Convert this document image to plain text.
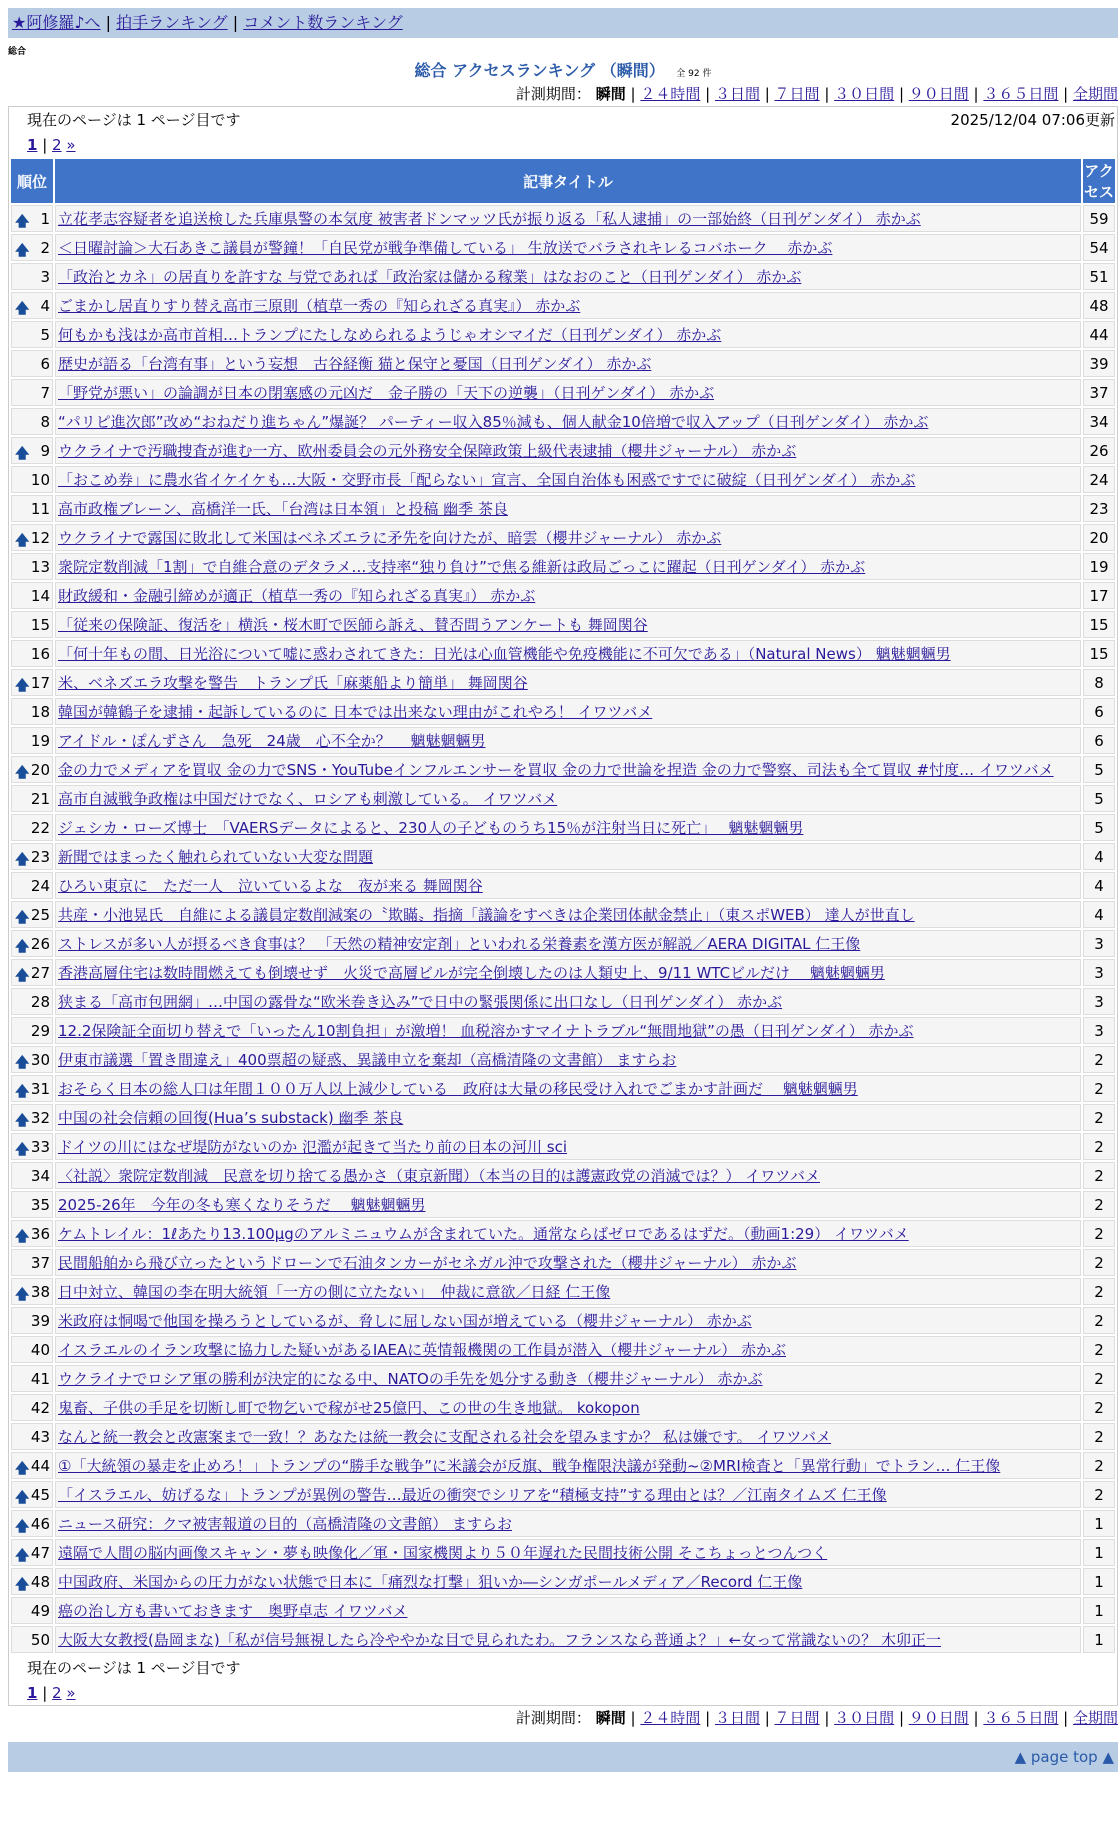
★阿修羅♪へ | 拍手ランキング | コメント数ランキング
総合
総合 アクセスランキング （瞬間） 全 92 件
計測期間： 瞬間 | ２４時間 | ３日間 | ７日間 | ３０日間 | ９０日間 | ３６５日間 | 全期間
現在のページは 1 ページ目です	2025/12/04 07:06更新
1 | 2 »
順位	記事タイトル	アクセス

🡅 1	立花孝志容疑者を追送検した兵庫県警の本気度 被害者ドンマッツ氏が振り返る「私人逮捕」の一部始終（日刊ゲンダイ） 赤かぶ	59

🡅 2	＜日曜討論＞大石あきこ議員が警鐘！「自民党が戦争準備している」 生放送でバラされキレるコバホーク　 赤かぶ	54
3	「政治とカネ」の居直りを許すな 与党であれば「政治家は儲かる稼業」はなおのこと（日刊ゲンダイ） 赤かぶ	51

🡅 4	ごまかし居直りすり替え高市三原則（植草一秀の『知られざる真実』） 赤かぶ	48
5	何もかも浅はか高市首相…トランプにたしなめられるようじゃオシマイだ（日刊ゲンダイ） 赤かぶ	44
6	歴史が語る「台湾有事」という妄想　古谷経衡 猫と保守と憂国（日刊ゲンダイ） 赤かぶ	39
7	「野党が悪い」の論調が日本の閉塞感の元凶だ　金子勝の「天下の逆襲」（日刊ゲンダイ） 赤かぶ	37
8	“パリピ進次郎”改め“おねだり進ちゃん”爆誕？ パーティー収入85％減も、個人献金10倍増で収入アップ（日刊ゲンダイ） 赤かぶ	34

🡅 9	ウクライナで汚職捜査が進む一方、欧州委員会の元外務安全保障政策上級代表逮捕（櫻井ジャーナル） 赤かぶ	26
10	「おこめ券」に農水省イケイケも…大阪・交野市長「配らない」宣言、全国自治体も困惑ですでに破綻（日刊ゲンダイ） 赤かぶ	24
11	高市政権ブレーン、高橋洋一氏、「台湾は日本領」と投稿 幽季 茶良	23

🡅 12	ウクライナで露国に敗北して米国はベネズエラに矛先を向けたが、暗雲（櫻井ジャーナル） 赤かぶ	20
13	衆院定数削減「1割」で自維合意のデタラメ…支持率“独り負け”で焦る維新は政局ごっこに躍起（日刊ゲンダイ） 赤かぶ	19
14	財政緩和・金融引締めが適正（植草一秀の『知られざる真実』） 赤かぶ	17
15	「従来の保険証、復活を」横浜・桜木町で医師ら訴え、賛否問うアンケートも 舞岡関谷	15
16	「何十年もの間、日光浴について嘘に惑わされてきた：日光は心血管機能や免疫機能に不可欠である」（Natural News） 魑魅魍魎男	15

🡅 17	米、ベネズエラ攻撃を警告　トランプ氏「麻薬船より簡単」 舞岡関谷	8
18	韓国が韓鶴子を逮捕・起訴しているのに 日本では出来ない理由がこれやろ！ イワツバメ	6
19	アイドル・ぽんずさん　急死　24歳　心不全か？　 魑魅魍魎男	6

🡅 20	金の力でメディアを買収 金の力でSNS・YouTubeインフルエンサーを買収 金の力で世論を捏造 金の力で警察、司法も全て買収 #忖度… イワツバメ	5
21	高市自滅戦争政権は中国だけでなく、ロシアも刺激している。 イワツバメ	5
22	ジェシカ・ローズ博士　「VAERSデータによると、230人の子どものうち15％が注射当日に死亡」　 魑魅魍魎男	5

🡅 23	新聞ではまったく触れられていない大変な問題	4
24	ひろい東京に　ただ一人　泣いているよな　夜が来る 舞岡関谷	4

🡅 25	共産・小池晃氏　自維による議員定数削減案の〝欺瞞〟指摘「議論をすべきは企業団体献金禁止」（東スポWEB） 達人が世直し	4

🡅 26	ストレスが多い人が摂るべき食事は？ 「天然の精神安定剤」といわれる栄養素を漢方医が解説／AERA DIGITAL 仁王像	3

🡅 27	香港高層住宅は数時間燃えても倒壊せず　火災で高層ビルが完全倒壊したのは人類史上、9/11 WTCビルだけ　 魑魅魍魎男	3
28	狭まる「高市包囲網」…中国の露骨な“欧米巻き込み”で日中の緊張関係に出口なし（日刊ゲンダイ） 赤かぶ	3
29	12.2保険証全面切り替えで「いったん10割負担」が激増！ 血税溶かすマイナトラブル“無間地獄”の愚（日刊ゲンダイ） 赤かぶ	3

🡅 30	伊東市議選「置き間違え」400票超の疑惑、異議申立を棄却（高橋清隆の文書館） ますらお	2

🡅 31	おそらく日本の総人口は年間１００万人以上減少している　政府は大量の移民受け入れでごまかす計画だ　 魑魅魍魎男	2

🡅 32	中国の社会信頼の回復(Hua’s substack) 幽季 茶良	2

🡅 33	ドイツの川にはなぜ堤防がないのか 氾濫が起きて当たり前の日本の河川 sci	2
34	〈社説〉衆院定数削減　民意を切り捨てる愚かさ（東京新聞）（本当の目的は護憲政党の消滅では？） イワツバメ	2
35	2025-26年　今年の冬も寒くなりそうだ　 魑魅魍魎男	2

🡅 36	ケムトレイル：1ℓあたり13.100μgのアルミニュウムが含まれていた。通常ならばゼロであるはずだ。（動画1:29） イワツバメ	2
37	民間船舶から飛び立ったというドローンで石油タンカーがセネガル沖で攻撃された（櫻井ジャーナル） 赤かぶ	2

🡅 38	日中対立、韓国の李在明大統領「一方の側に立たない」　仲裁に意欲／日経 仁王像	2
39	米政府は恫喝で他国を操ろうとしているが、脅しに屈しない国が増えている（櫻井ジャーナル） 赤かぶ	2
40	イスラエルのイラン攻撃に協力した疑いがあるIAEAに英情報機関の工作員が潜入（櫻井ジャーナル） 赤かぶ	2
41	ウクライナでロシア軍の勝利が決定的になる中、NATOの手先を処分する動き（櫻井ジャーナル） 赤かぶ	2
42	鬼畜、子供の手足を切断し町で物乞いで稼がせ25億円、この世の生き地獄。 kokopon	2
43	なんと統一教会と改憲案まで一致！？あなたは統一教会に支配される社会を望みますか？ 私は嫌です。 イワツバメ	2

🡅 44	①「大統領の暴走を止めろ！」トランプの“勝手な戦争”に米議会が反旗、戦争権限決議が発動~②MRI検査と「異常行動」でトラン… 仁王像	2

🡅 45	「イスラエル、妨げるな」トランプが異例の警告…最近の衝突でシリアを“積極支持”する理由とは？／江南タイムズ 仁王像	2

🡅 46	ニュース研究：クマ被害報道の目的（高橋清隆の文書館） ますらお	1

🡅 47	遠隔で人間の脳内画像スキャン・夢も映像化／軍・国家機関より５０年遅れた民間技術公開 そこちょっとつんつく	1

🡅 48	中国政府、米国からの圧力がない状態で日本に「痛烈な打撃」狙いか―シンガポールメディア／Record 仁王像	1
49	癌の治し方も書いておきます　奥野卓志 イワツバメ	1
50	大阪大女教授(島岡まな)「私が信号無視したら冷ややかな目で見られたわ。フランスなら普通よ？」←女って常識ないの？ 木卯正一	1
現在のページは 1 ページ目です
1 | 2 »
計測期間： 瞬間 | ２４時間 | ３日間 | ７日間 | ３０日間 | ９０日間 | ３６５日間 | 全期間
▲ page top ▲
